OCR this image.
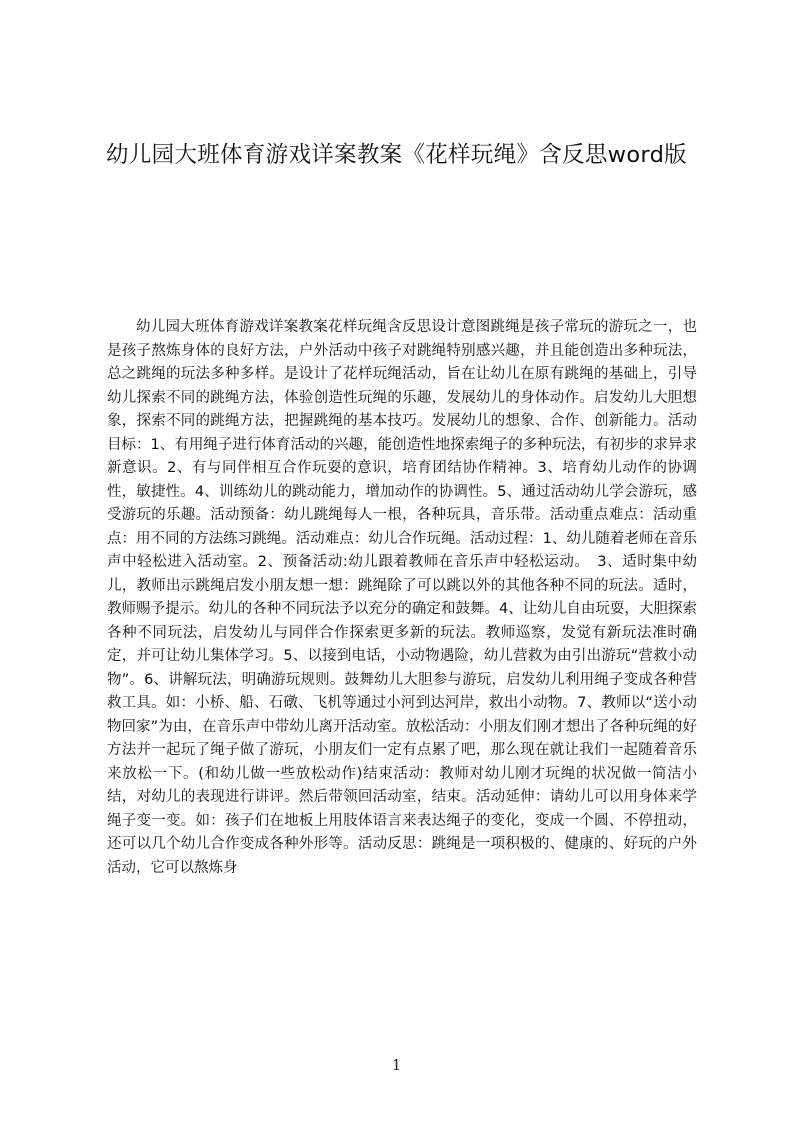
幼儿园大班体育游戏详案教案《花样玩绳》含反思word版

幼儿园大班体育游戏详案教案花样玩绳含反思设计意图跳绳是孩子常玩的游玩之一，也是孩子熬炼身体的良好方法，户外活动中孩子对跳绳特别感兴趣，并且能创造出多种玩法，总之跳绳的玩法多种多样。是设计了花样玩绳活动，旨在让幼儿在原有跳绳的基础上，引导幼儿探索不同的跳绳方法，体验创造性玩绳的乐趣，发展幼儿的身体动作。启发幼儿大胆想象，探索不同的跳绳方法，把握跳绳的基本技巧。发展幼儿的想象、合作、创新能力。活动目标：1、有用绳子进行体育活动的兴趣，能创造性地探索绳子的多种玩法，有初步的求异求新意识。2、有与同伴相互合作玩耍的意识，培育团结协作精神。3、培育幼儿动作的协调性，敏捷性。4、训练幼儿的跳动能力，增加动作的协调性。5、通过活动幼儿学会游玩，感受游玩的乐趣。活动预备：幼儿跳绳每人一根，各种玩具，音乐带。活动重点难点：活动重点：用不同的方法练习跳绳。活动难点：幼儿合作玩绳。活动过程：1、幼儿随着老师在音乐声中轻松进入活动室。2、预备活动:幼儿跟着教师在音乐声中轻松运动。　3、适时集中幼儿，教师出示跳绳启发小朋友想一想：跳绳除了可以跳以外的其他各种不同的玩法。适时，教师赐予提示。幼儿的各种不同玩法予以充分的确定和鼓舞。4、让幼儿自由玩耍，大胆探索各种不同玩法，启发幼儿与同伴合作探索更多新的玩法。教师巡察，发觉有新玩法准时确定，并可让幼儿集体学习。5、以接到电话，小动物遇险，幼儿营救为由引出游玩“营救小动物”。6、讲解玩法，明确游玩规则。鼓舞幼儿大胆参与游玩，启发幼儿利用绳子变成各种营救工具。如：小桥、船、石礅、飞机等通过小河到达河岸，救出小动物。7、教师以“送小动物回家”为由，在音乐声中带幼儿离开活动室。放松活动：小朋友们刚才想出了各种玩绳的好方法并一起玩了绳子做了游玩，小朋友们一定有点累了吧，那么现在就让我们一起随着音乐来放松一下。(和幼儿做一些放松动作)结束活动：教师对幼儿刚才玩绳的状况做一简洁小结，对幼儿的表现进行讲评。然后带领回活动室，结束。活动延伸：请幼儿可以用身体来学绳子变一变。如：孩子们在地板上用肢体语言来表达绳子的变化，变成一个圆、不停扭动，还可以几个幼儿合作变成各种外形等。活动反思：跳绳是一项积极的、健康的、好玩的户外活动，它可以熬炼身

1
